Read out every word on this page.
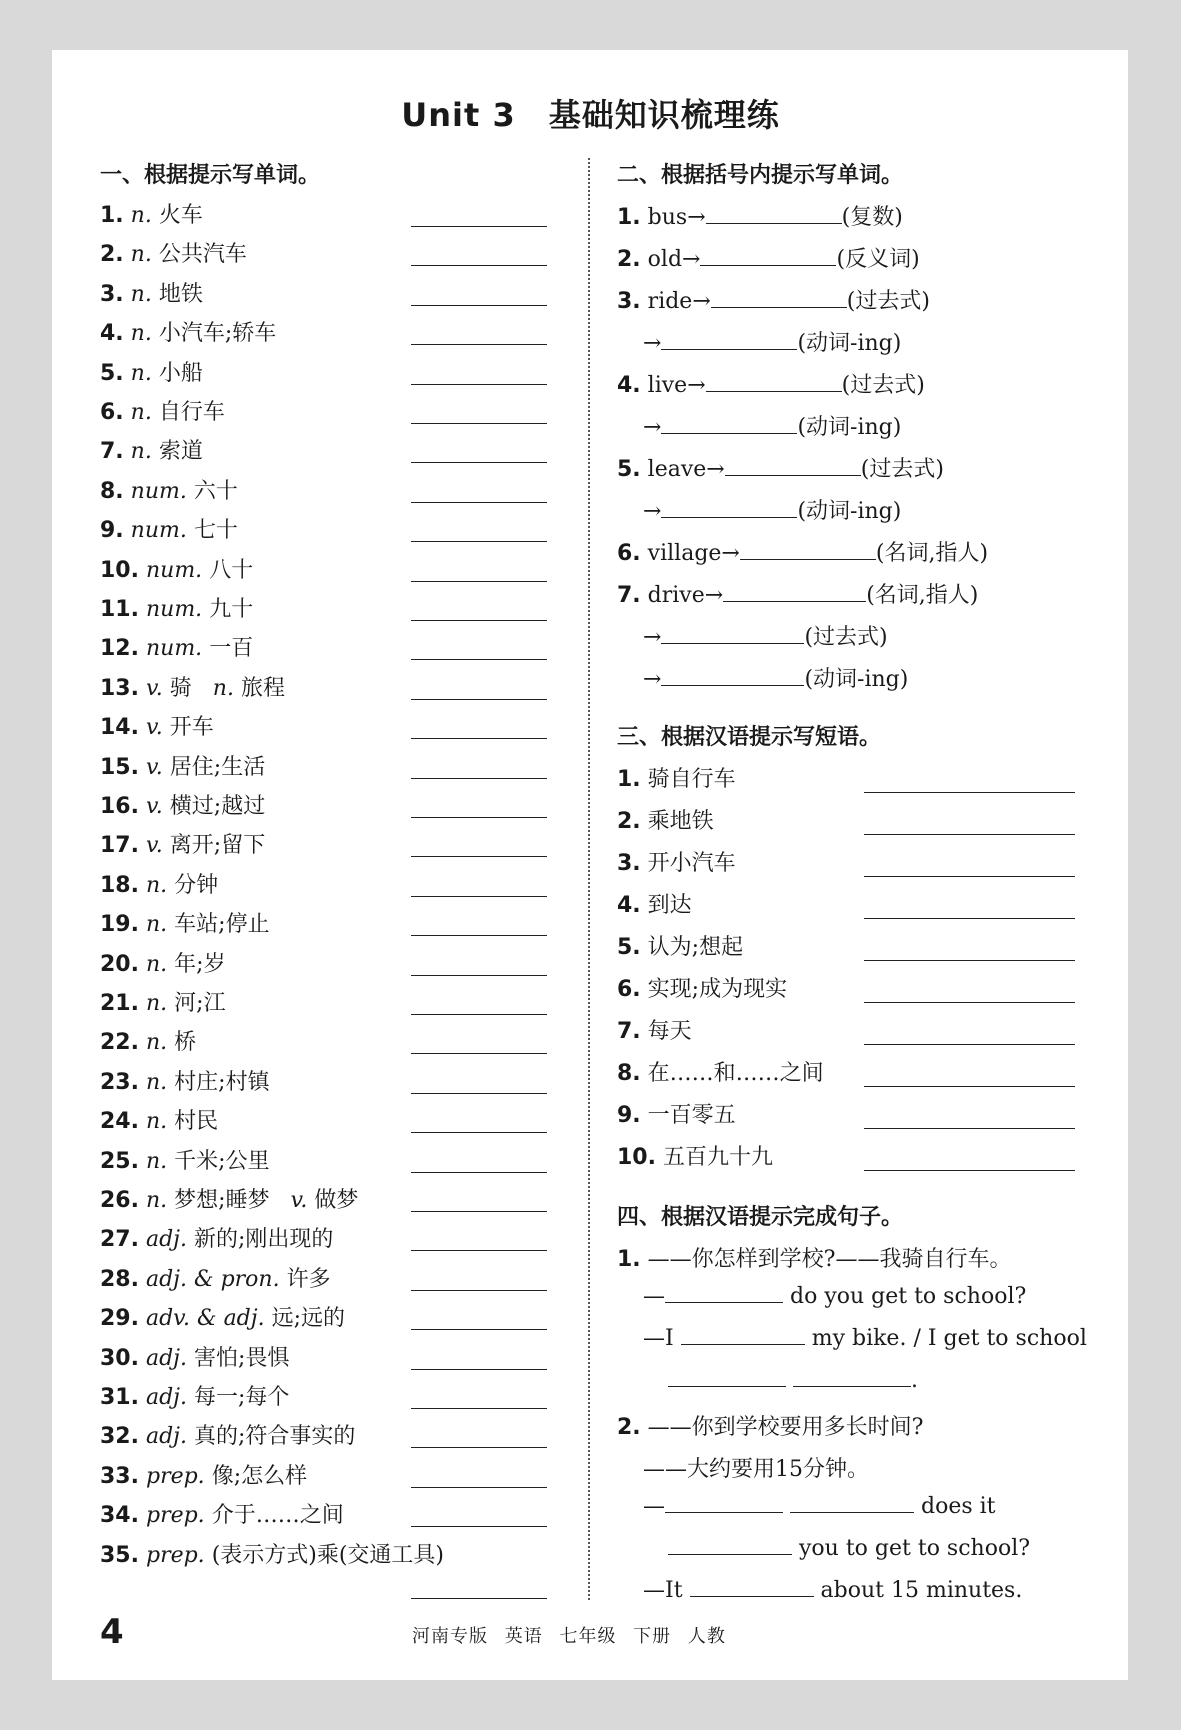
Unit 3　基础知识梳理练
一、根据提示写单词。
1. n. 火车
2. n. 公共汽车
3. n. 地铁
4. n. 小汽车;轿车
5. n. 小船
6. n. 自行车
7. n. 索道
8. num. 六十
9. num. 七十
10. num. 八十
11. num. 九十
12. num. 一百
13. v. 骑 n. 旅程
14. v. 开车
15. v. 居住;生活
16. v. 横过;越过
17. v. 离开;留下
18. n. 分钟
19. n. 车站;停止
20. n. 年;岁
21. n. 河;江
22. n. 桥
23. n. 村庄;村镇
24. n. 村民
25. n. 千米;公里
26. n. 梦想;睡梦 v. 做梦
27. adj. 新的;刚出现的
28. adj. & pron. 许多
29. adv. & adj. 远;远的
30. adj. 害怕;畏惧
31. adj. 每一;每个
32. adj. 真的;符合事实的
33. prep. 像;怎么样
34. prep. 介于……之间
35. prep. (表示方式)乘(交通工具)
二、根据括号内提示写单词。
1. bus→	(复数)
2. old→	(反义词)
3. ride→	(过去式)
→	(动词-ing)
4. live→	(过去式)
→	(动词-ing)
5. leave→	(过去式)
→	(动词-ing)
6. village→	(名词,指人)
7. drive→	(名词,指人)
→	(过去式)
→	(动词-ing)
三、根据汉语提示写短语。
1. 骑自行车
2. 乘地铁
3. 开小汽车
4. 到达
5. 认为;想起
6. 实现;成为现实
7. 每天
8. 在……和……之间
9. 一百零五
10. 五百九十九
四、根据汉语提示完成句子。
1. ——你怎样到学校?——我骑自行车。
—	do you get to school?
—I	my bike. / I get to school
.
2. ——你到学校要用多长时间?
——大约要用15分钟。
—	does it
you to get to school?
—It	about 15 minutes.
4	河南专版 英语 七年级 下册 人教
